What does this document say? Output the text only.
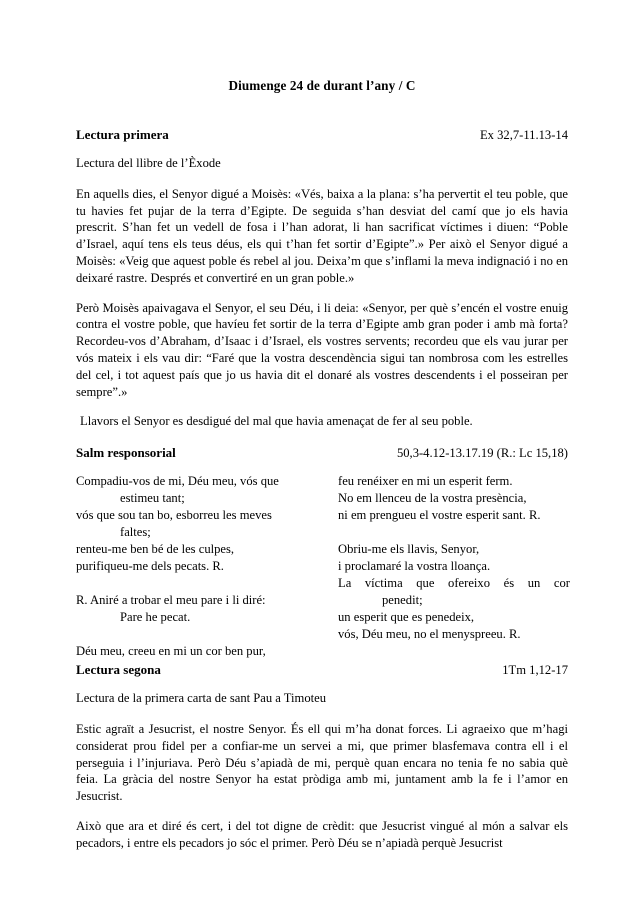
Diumenge 24 de durant l’any / C
Lectura primera	Ex 32,7-11.13-14
Lectura del llibre de l’Èxode

En aquells dies, el Senyor digué a Moisès: «Vés, baixa a la plana: s’ha pervertit el teu poble, que tu havies fet pujar de la terra d’Egipte. De seguida s’han desviat del camí que jo els havia prescrit. S’han fet un vedell de fosa i l’han adorat, li han sacrificat víctimes i diuen: “Poble d’Israel, aquí tens els teus déus, els qui t’han fet sortir d’Egipte”.» Per això el Senyor digué a Moisès: «Veig que aquest poble és rebel al jou. Deixa’m que s’inflami la meva indignació i no en deixaré rastre. Després et convertiré en un gran poble.»

Però Moisès apaivagava el Senyor, el seu Déu, i li deia: «Senyor, per què s’encén el vostre enuig contra el vostre poble, que havíeu fet sortir de la terra d’Egipte amb gran poder i amb mà forta? Recordeu-vos d’Abraham, d’Isaac i d’Israel, els vostres servents; recordeu que els vau jurar per vós mateix i els vau dir: “Faré que la vostra descendència sigui tan nombrosa com les estrelles del cel, i tot aquest país que jo us havia dit el donaré als vostres descendents i el posseiran per sempre”.»

Llavors el Senyor es desdigué del mal que havia amenaçat de fer al seu poble.

Salm responsorial	50,3-4.12-13.17.19 (R.: Lc 15,18)
Compadiu-vos de mi, Déu meu, vós que
estimeu tant;
vós que sou tan bo, esborreu les meves
faltes;
renteu-me ben bé de les culpes,
purifiqueu-me dels pecats. R.
R. Aniré a trobar el meu pare i li diré:
Pare he pecat.
Déu meu, creeu en mi un cor ben pur,
feu renéixer en mi un esperit ferm.
No em llenceu de la vostra presència,
ni em prengueu el vostre esperit sant. R.
Obriu-me els llavis, Senyor,
i proclamaré la vostra lloança.
La víctima que ofereixo és un cor
penedit;
un esperit que es penedeix,
vós, Déu meu, no el menyspreeu. R.
Lectura segona	1Tm 1,12-17
Lectura de la primera carta de sant Pau a Timoteu

Estic agraït a Jesucrist, el nostre Senyor. És ell qui m’ha donat forces. Li agraeixo que m’hagi considerat prou fidel per a confiar-me un servei a mi, que primer blasfemava contra ell i el perseguia i l’injuriava. Però Déu s’apiadà de mi, perquè quan encara no tenia fe no sabia què feia. La gràcia del nostre Senyor ha estat pròdiga amb mi, juntament amb la fe i l’amor en Jesucrist.

Això que ara et diré és cert, i del tot digne de crèdit: que Jesucrist vingué al món a salvar els pecadors, i entre els pecadors jo sóc el primer. Però Déu se n’apiadà perquè Jesucrist
